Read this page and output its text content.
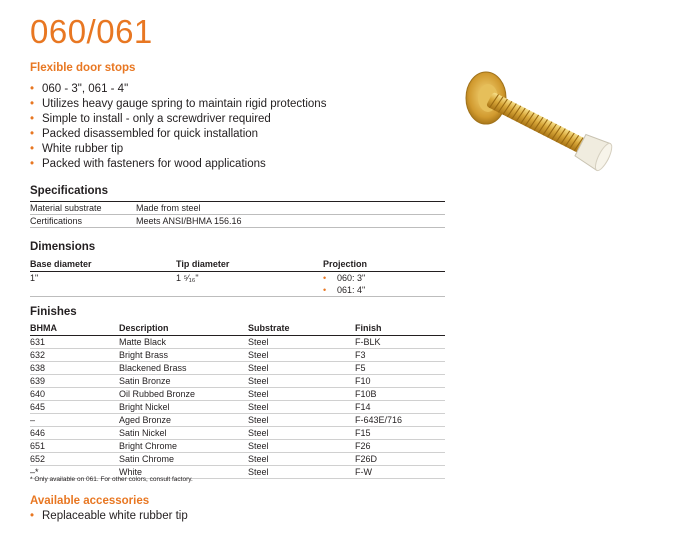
060/061
Flexible door stops
• 060 - 3", 061 - 4"
• Utilizes heavy gauge spring to maintain rigid protections
• Simple to install - only a screwdriver required
• Packed disassembled for quick installation
• White rubber tip
• Packed with fasteners for wood applications
Specifications
Material substrate	Made from steel
Certifications	Meets ANSI/BHMA 156.16
Dimensions
Base diameter	Tip diameter	Projection
1"	1 ⁵⁄₁₆"	• 060: 3"
• 061: 4"
Finishes
BHMA	Description	Substrate	Finish
631	Matte Black	Steel	F-BLK
632	Bright Brass	Steel	F3
638	Blackened Brass	Steel	F5
639	Satin Bronze	Steel	F10
640	Oil Rubbed Bronze	Steel	F10B
645	Bright Nickel	Steel	F14
–	Aged Bronze	Steel	F-643E/716
646	Satin Nickel	Steel	F15
651	Bright Chrome	Steel	F26
652	Satin Chrome	Steel	F26D
–*	White	Steel	F-W
* Only available on 061. For other colors, consult factory.
Available accessories
• Replaceable white rubber tip
